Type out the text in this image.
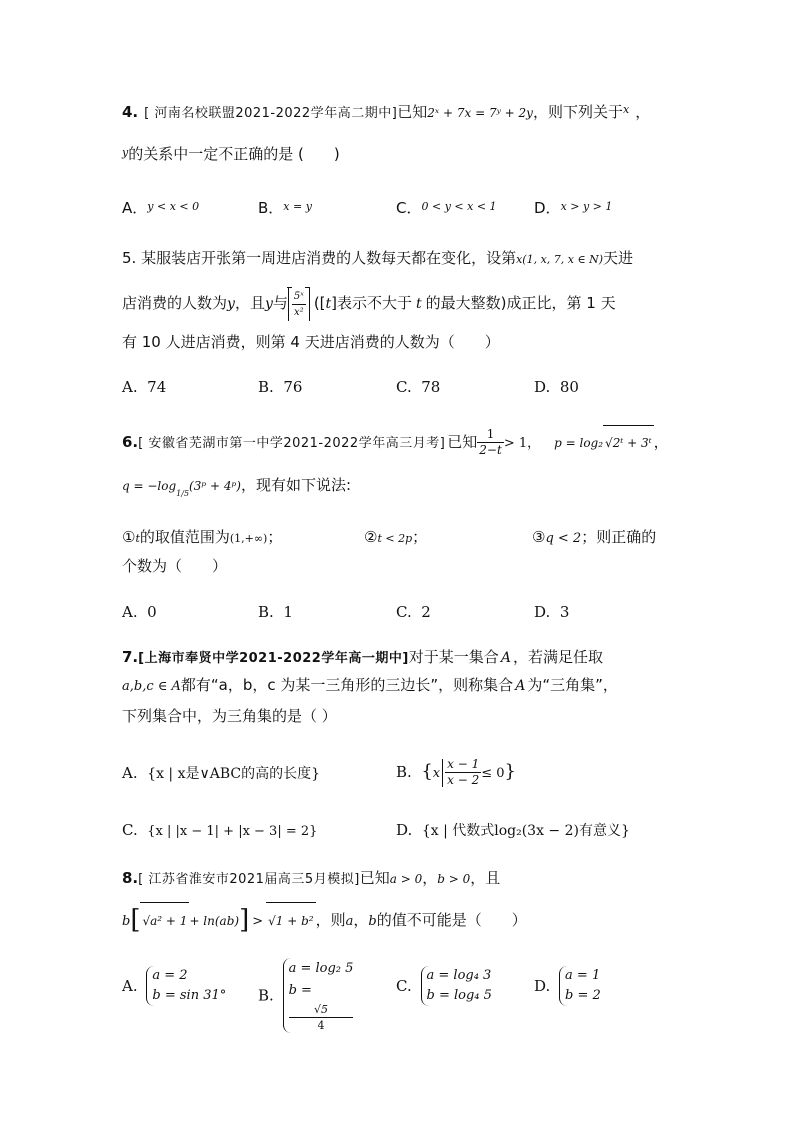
4. [ 河南名校联盟2021-2022学年高二期中]已知2ˣ + 7x = 7ʸ + 2y，则下列关于$^x$ ，
$^y$的关系中一定不正确的是 (　　)
A．$^{y < x < 0}$	B．$^{x = y}$	C．$^{0 < y < x < 1}$ D．$^{x > y > 1}$
5. 某服装店开张第一周进店消费的人数每天都在变化，设第x(1, x, 7, x ∈ N)天进
店消费的人数为y，且y与 $\frac{\text{5ˣ}}{\text{x²}} ([t]$表示不大于 t 的最大整数)成正比，第 1 天
有 10 人进店消费，则第 4 天进店消费的人数为（　　）
A. 74	B. 76	C. 78	D. 80
6.[ 安徽省芜湖市第一中学2021-2022学年高三月考] 已知 $\frac{1}{2-t} > 1$， p = log₂ √2ᵗ + 3ᵗ ，
$q = -\log_{1/5}(3ᵖ$ + 4ᵖ)，现有如下说法:
①t的取值范围为(1,+∞)；	②t < 2p；	③q < 2；则正确的
个数为（　　）
A. 0	B. 1	C. 2	D. 3
7.[上海市奉贤中学2021-2022学年高一期中]对于某一集合 A ，若满足任取
a,b,c ∈ A都有“a，b，c 为某一三角形的三边长”，则称集合 A 为“三角集”，
下列集合中，为三角集的是（ ）
A. {x | x是∨ABC的高的长度}	B. $\{x \frac{x - 1}{x - 2} \le 0\}$
C. {x | |x − 1| + |x − 3| = 2}	D. {x | 代数式log₂(3x − 2)有意义}
8.[ 江苏省淮安市2021届高三5月模拟]已知a > 0，b > 0，且
b[ √a² + 1 + ln(ab)] > √1 + b² ，则a，b的值不可能是（　　）
A.
a = 2
b = sin 31° B.
a = log₂ 5
b =
√5
4
C.
a = log₄ 3
b = log₄ 5
D.
a = 1
b = 2
